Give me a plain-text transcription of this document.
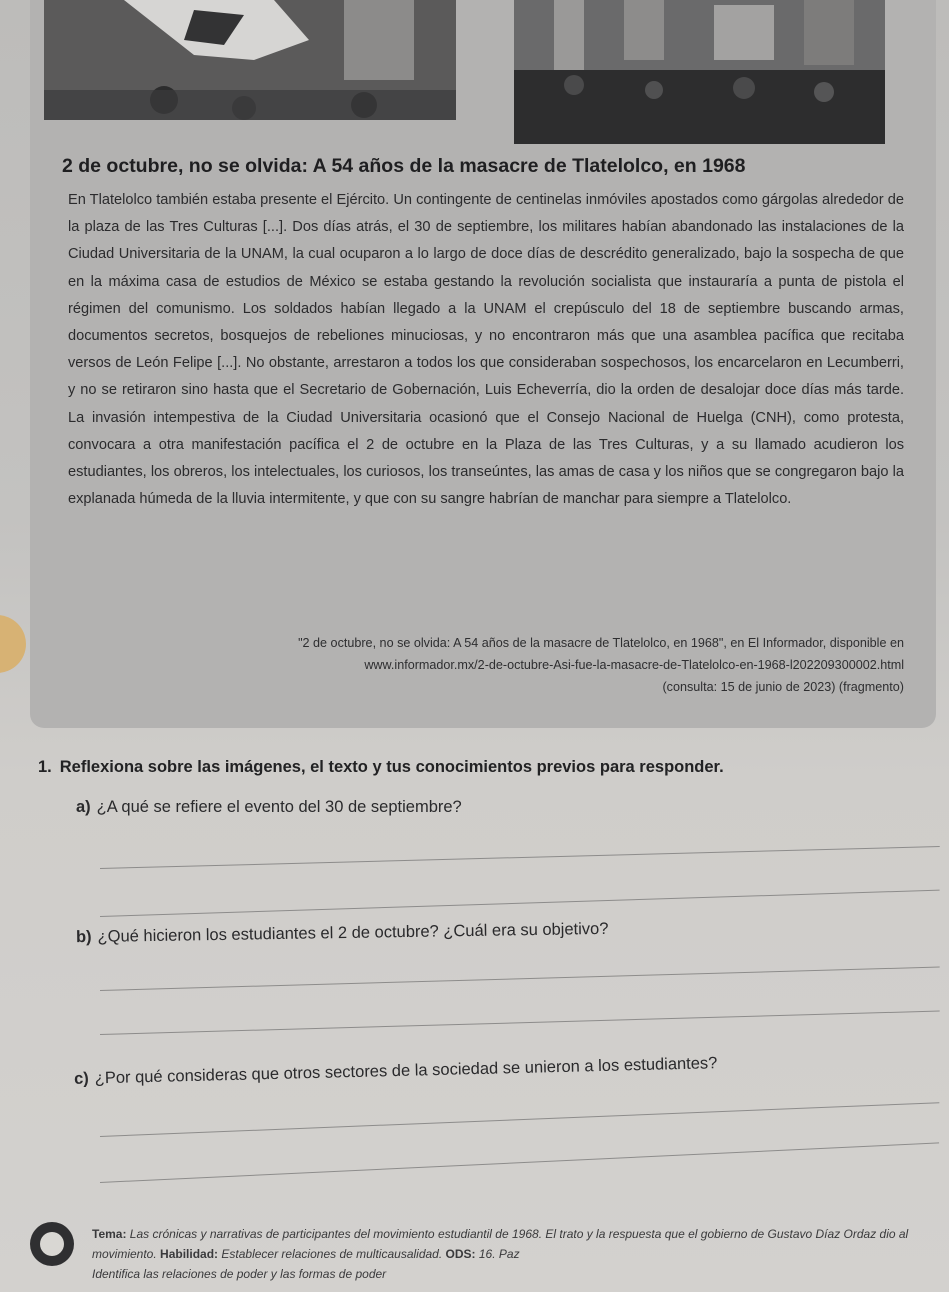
2 de octubre, no se olvida: A 54 años de la masacre de Tlatelolco, en 1968
En Tlatelolco también estaba presente el Ejército. Un contingente de centinelas inmóviles apostados como gárgolas alrededor de la plaza de las Tres Culturas [...]. Dos días atrás, el 30 de septiembre, los militares habían abandonado las instalaciones de la Ciudad Universitaria de la UNAM, la cual ocuparon a lo largo de doce días de descrédito generalizado, bajo la sospecha de que en la máxima casa de estudios de México se estaba gestando la revolución socialista que instauraría a punta de pistola el régimen del comunismo. Los soldados habían llegado a la UNAM el crepúsculo del 18 de septiembre buscando armas, documentos secretos, bosquejos de rebeliones minuciosas, y no encontraron más que una asamblea pacífica que recitaba versos de León Felipe [...]. No obstante, arrestaron a todos los que consideraban sospechosos, los encarcelaron en Lecumberri, y no se retiraron sino hasta que el Secretario de Gobernación, Luis Echeverría, dio la orden de desalojar doce días más tarde. La invasión intempestiva de la Ciudad Universitaria ocasionó que el Consejo Nacional de Huelga (CNH), como protesta, convocara a otra manifestación pacífica el 2 de octubre en la Plaza de las Tres Culturas, y a su llamado acudieron los estudiantes, los obreros, los intelectuales, los curiosos, los transeúntes, las amas de casa y los niños que se congregaron bajo la explanada húmeda de la lluvia intermitente, y que con su sangre habrían de manchar para siempre a Tlatelolco.
"2 de octubre, no se olvida: A 54 años de la masacre de Tlatelolco, en 1968", en El Informador, disponible en
www.informador.mx/2-de-octubre-Asi-fue-la-masacre-de-Tlatelolco-en-1968-l202209300002.html
(consulta: 15 de junio de 2023) (fragmento)
1. Reflexiona sobre las imágenes, el texto y tus conocimientos previos para responder.
a) ¿A qué se refiere el evento del 30 de septiembre?
b) ¿Qué hicieron los estudiantes el 2 de octubre? ¿Cuál era su objetivo?
c) ¿Por qué consideras que otros sectores de la sociedad se unieron a los estudiantes?
Tema: Las crónicas y narrativas de participantes del movimiento estudiantil de 1968. El trato y la respuesta que el gobierno de Gustavo Díaz Ordaz dio al movimiento. Habilidad: Establecer relaciones de multicausalidad. ODS: 16. Paz
Identifica las relaciones de poder y las formas de poder
